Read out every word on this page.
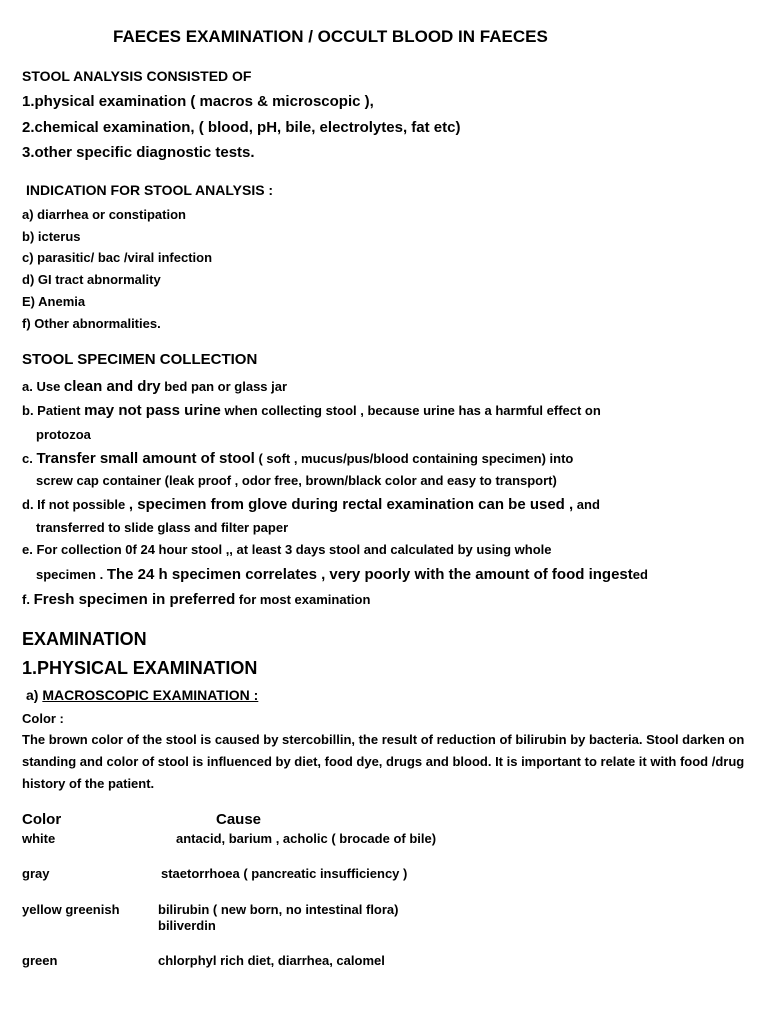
FAECES EXAMINATION / OCCULT BLOOD IN FAECES
STOOL ANALYSIS CONSISTED OF
1.physical examination ( macros & microscopic ),
2.chemical examination, ( blood, pH, bile, electrolytes, fat etc)
3.other specific diagnostic tests.
INDICATION FOR STOOL ANALYSIS :
a) diarrhea or constipation
b) icterus
c) parasitic/ bac /viral infection
d) GI tract abnormality
E) Anemia
f) Other abnormalities.
STOOL SPECIMEN COLLECTION
a. Use clean and dry bed pan or glass jar
b. Patient may not pass urine when collecting stool , because urine has a harmful effect on
protozoa
c. Transfer small amount of stool ( soft , mucus/pus/blood containing specimen) into
screw cap container (leak proof , odor free, brown/black color and easy to transport)
d. If not possible , specimen from glove during rectal examination can be used , and
transferred to slide glass and filter paper
e. For collection 0f 24 hour stool ,, at least 3 days stool and calculated by using whole
specimen . The 24 h specimen correlates , very poorly with the amount of food ingested
f. Fresh specimen in preferred for most examination
EXAMINATION
1.PHYSICAL EXAMINATION
a) MACROSCOPIC EXAMINATION :
Color :
The brown color of the stool is caused by stercobillin, the result of reduction of bilirubin by bacteria. Stool darken on standing and color of stool is influenced by diet, food dye, drugs and blood. It is important to relate it with food /drug history of the patient.
Color	Cause
white	antacid, barium , acholic ( brocade of bile)
gray	staetorrhoea ( pancreatic insufficiency )
yellow greenish	bilirubin ( new born, no intestinal flora)
biliverdin
green	chlorphyl rich diet, diarrhea, calomel
